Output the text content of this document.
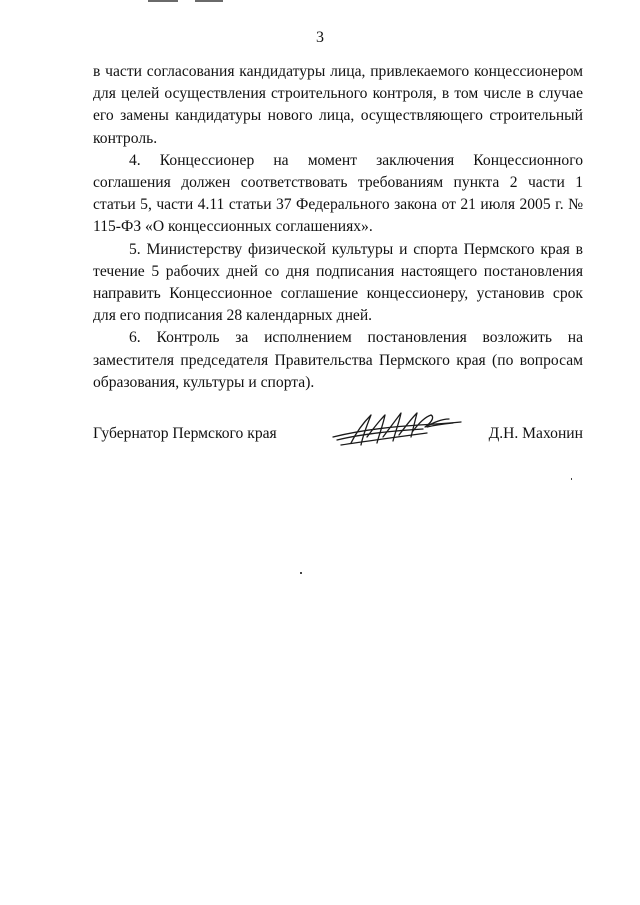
3

в части согласования кандидатуры лица, привлекаемого концессионером для целей осуществления строительного контроля, в том числе в случае его замены кандидатуры нового лица, осуществляющего строительный контроль.

4. Концессионер на момент заключения Концессионного соглашения должен соответствовать требованиям пункта 2 части 1 статьи 5, части 4.11 статьи 37 Федерального закона от 21 июля 2005 г. № 115-ФЗ «О концессионных соглашениях».

5. Министерству физической культуры и спорта Пермского края в течение 5 рабочих дней со дня подписания настоящего постановления направить Концессионное соглашение концессионеру, установив срок для его подписания 28 календарных дней.

6. Контроль за исполнением постановления возложить на заместителя председателя Правительства Пермского края (по вопросам образования, культуры и спорта).

Губернатор Пермского края	Д.Н. Махонин
